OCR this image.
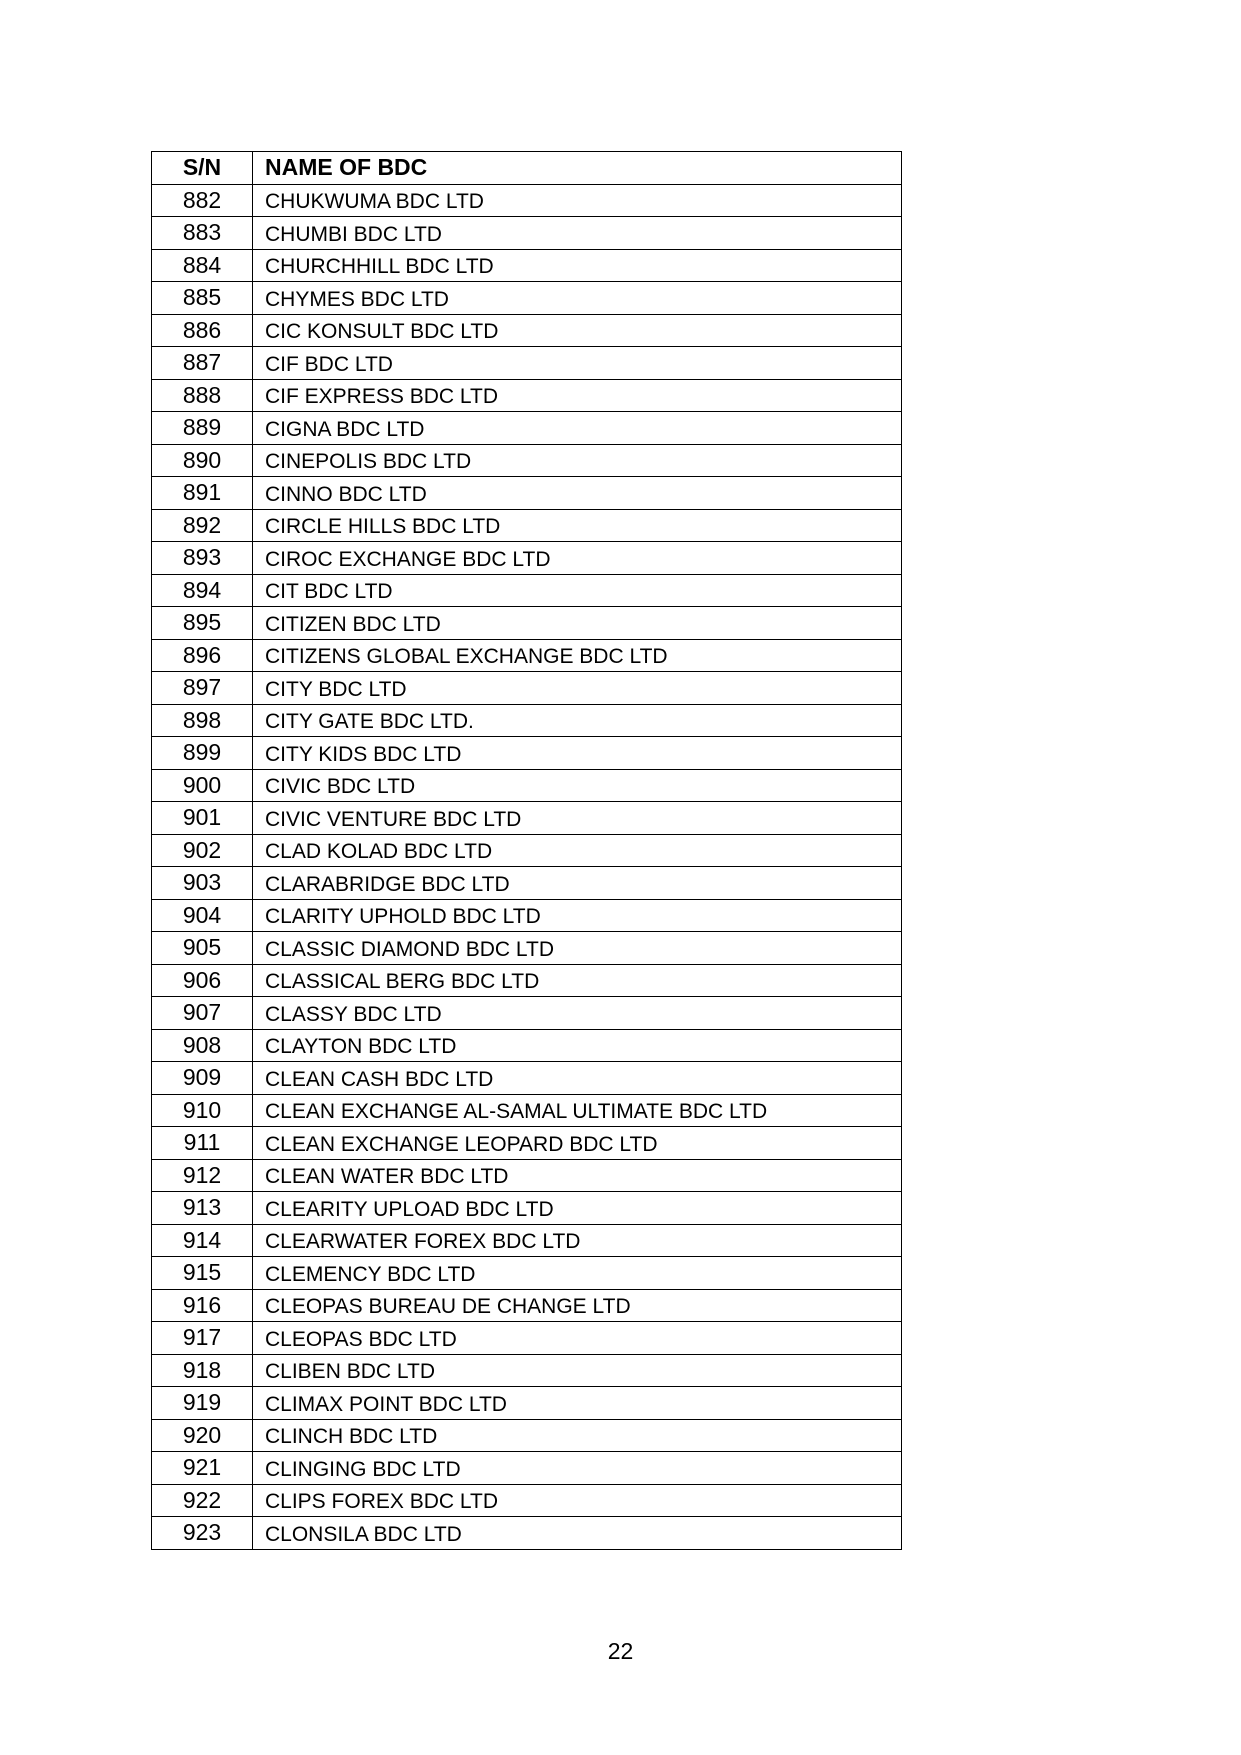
S/N	NAME OF BDC
882	CHUKWUMA BDC LTD
883	CHUMBI BDC LTD
884	CHURCHHILL BDC LTD
885	CHYMES BDC LTD
886	CIC KONSULT BDC LTD
887	CIF BDC LTD
888	CIF EXPRESS BDC LTD
889	CIGNA BDC LTD
890	CINEPOLIS BDC LTD
891	CINNO BDC LTD
892	CIRCLE HILLS BDC LTD
893	CIROC EXCHANGE BDC LTD
894	CIT BDC LTD
895	CITIZEN BDC LTD
896	CITIZENS GLOBAL EXCHANGE BDC LTD
897	CITY BDC LTD
898	CITY GATE BDC LTD.
899	CITY KIDS BDC LTD
900	CIVIC BDC LTD
901	CIVIC VENTURE BDC LTD
902	CLAD KOLAD BDC LTD
903	CLARABRIDGE BDC LTD
904	CLARITY UPHOLD BDC LTD
905	CLASSIC DIAMOND BDC LTD
906	CLASSICAL BERG BDC LTD
907	CLASSY BDC LTD
908	CLAYTON BDC LTD
909	CLEAN CASH BDC LTD
910	CLEAN EXCHANGE AL-SAMAL ULTIMATE BDC LTD
911	CLEAN EXCHANGE LEOPARD BDC LTD
912	CLEAN WATER BDC LTD
913	CLEARITY UPLOAD BDC LTD
914	CLEARWATER FOREX BDC LTD
915	CLEMENCY BDC LTD
916	CLEOPAS BUREAU DE CHANGE LTD
917	CLEOPAS BDC LTD
918	CLIBEN BDC LTD
919	CLIMAX POINT BDC LTD
920	CLINCH BDC LTD
921	CLINGING BDC LTD
922	CLIPS FOREX BDC LTD
923	CLONSILA BDC LTD
22
